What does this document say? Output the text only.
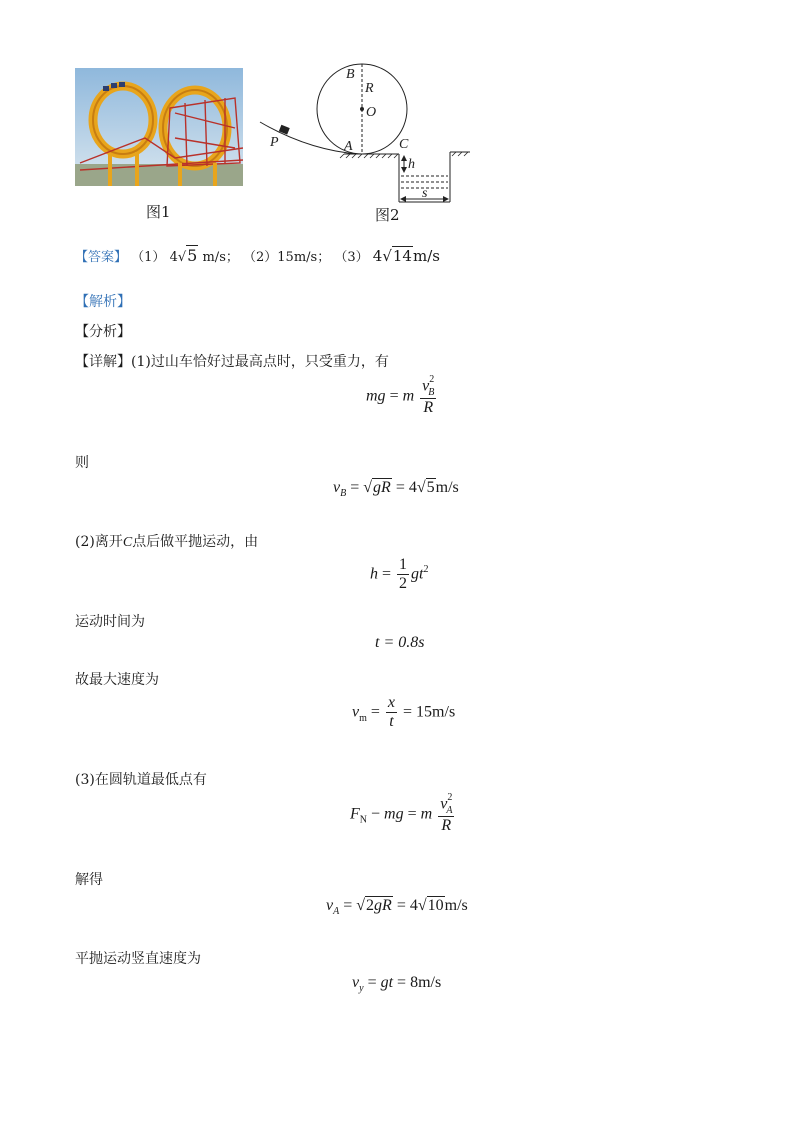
图1
B
R
O
P	A	C
h
s
图2
【答案】 （1） 4√5 m/s； （2）15m/s； （3） 4√14m/s
【解析】
【分析】
【详解】(1)过山车恰好过最高点时，只受重力，有
mg = m $\frac{v^2_B}{R}$
则
$v_B = √gR = 4√5m/s$
(2)离开C点后做平抛运动，由
$h = \frac{1}{2} gt^2$
运动时间为
t = 0.8s
故最大速度为
$v_m = \frac{x}{t} = 15m/s$
(3)在圆轨道最低点有
$F_N$ − mg = m $\frac{v^2_A}{R}$
解得
$v_A = √2gR = 4√10m/s$
平抛运动竖直速度为
$v_y$ = gt = 8m/s
